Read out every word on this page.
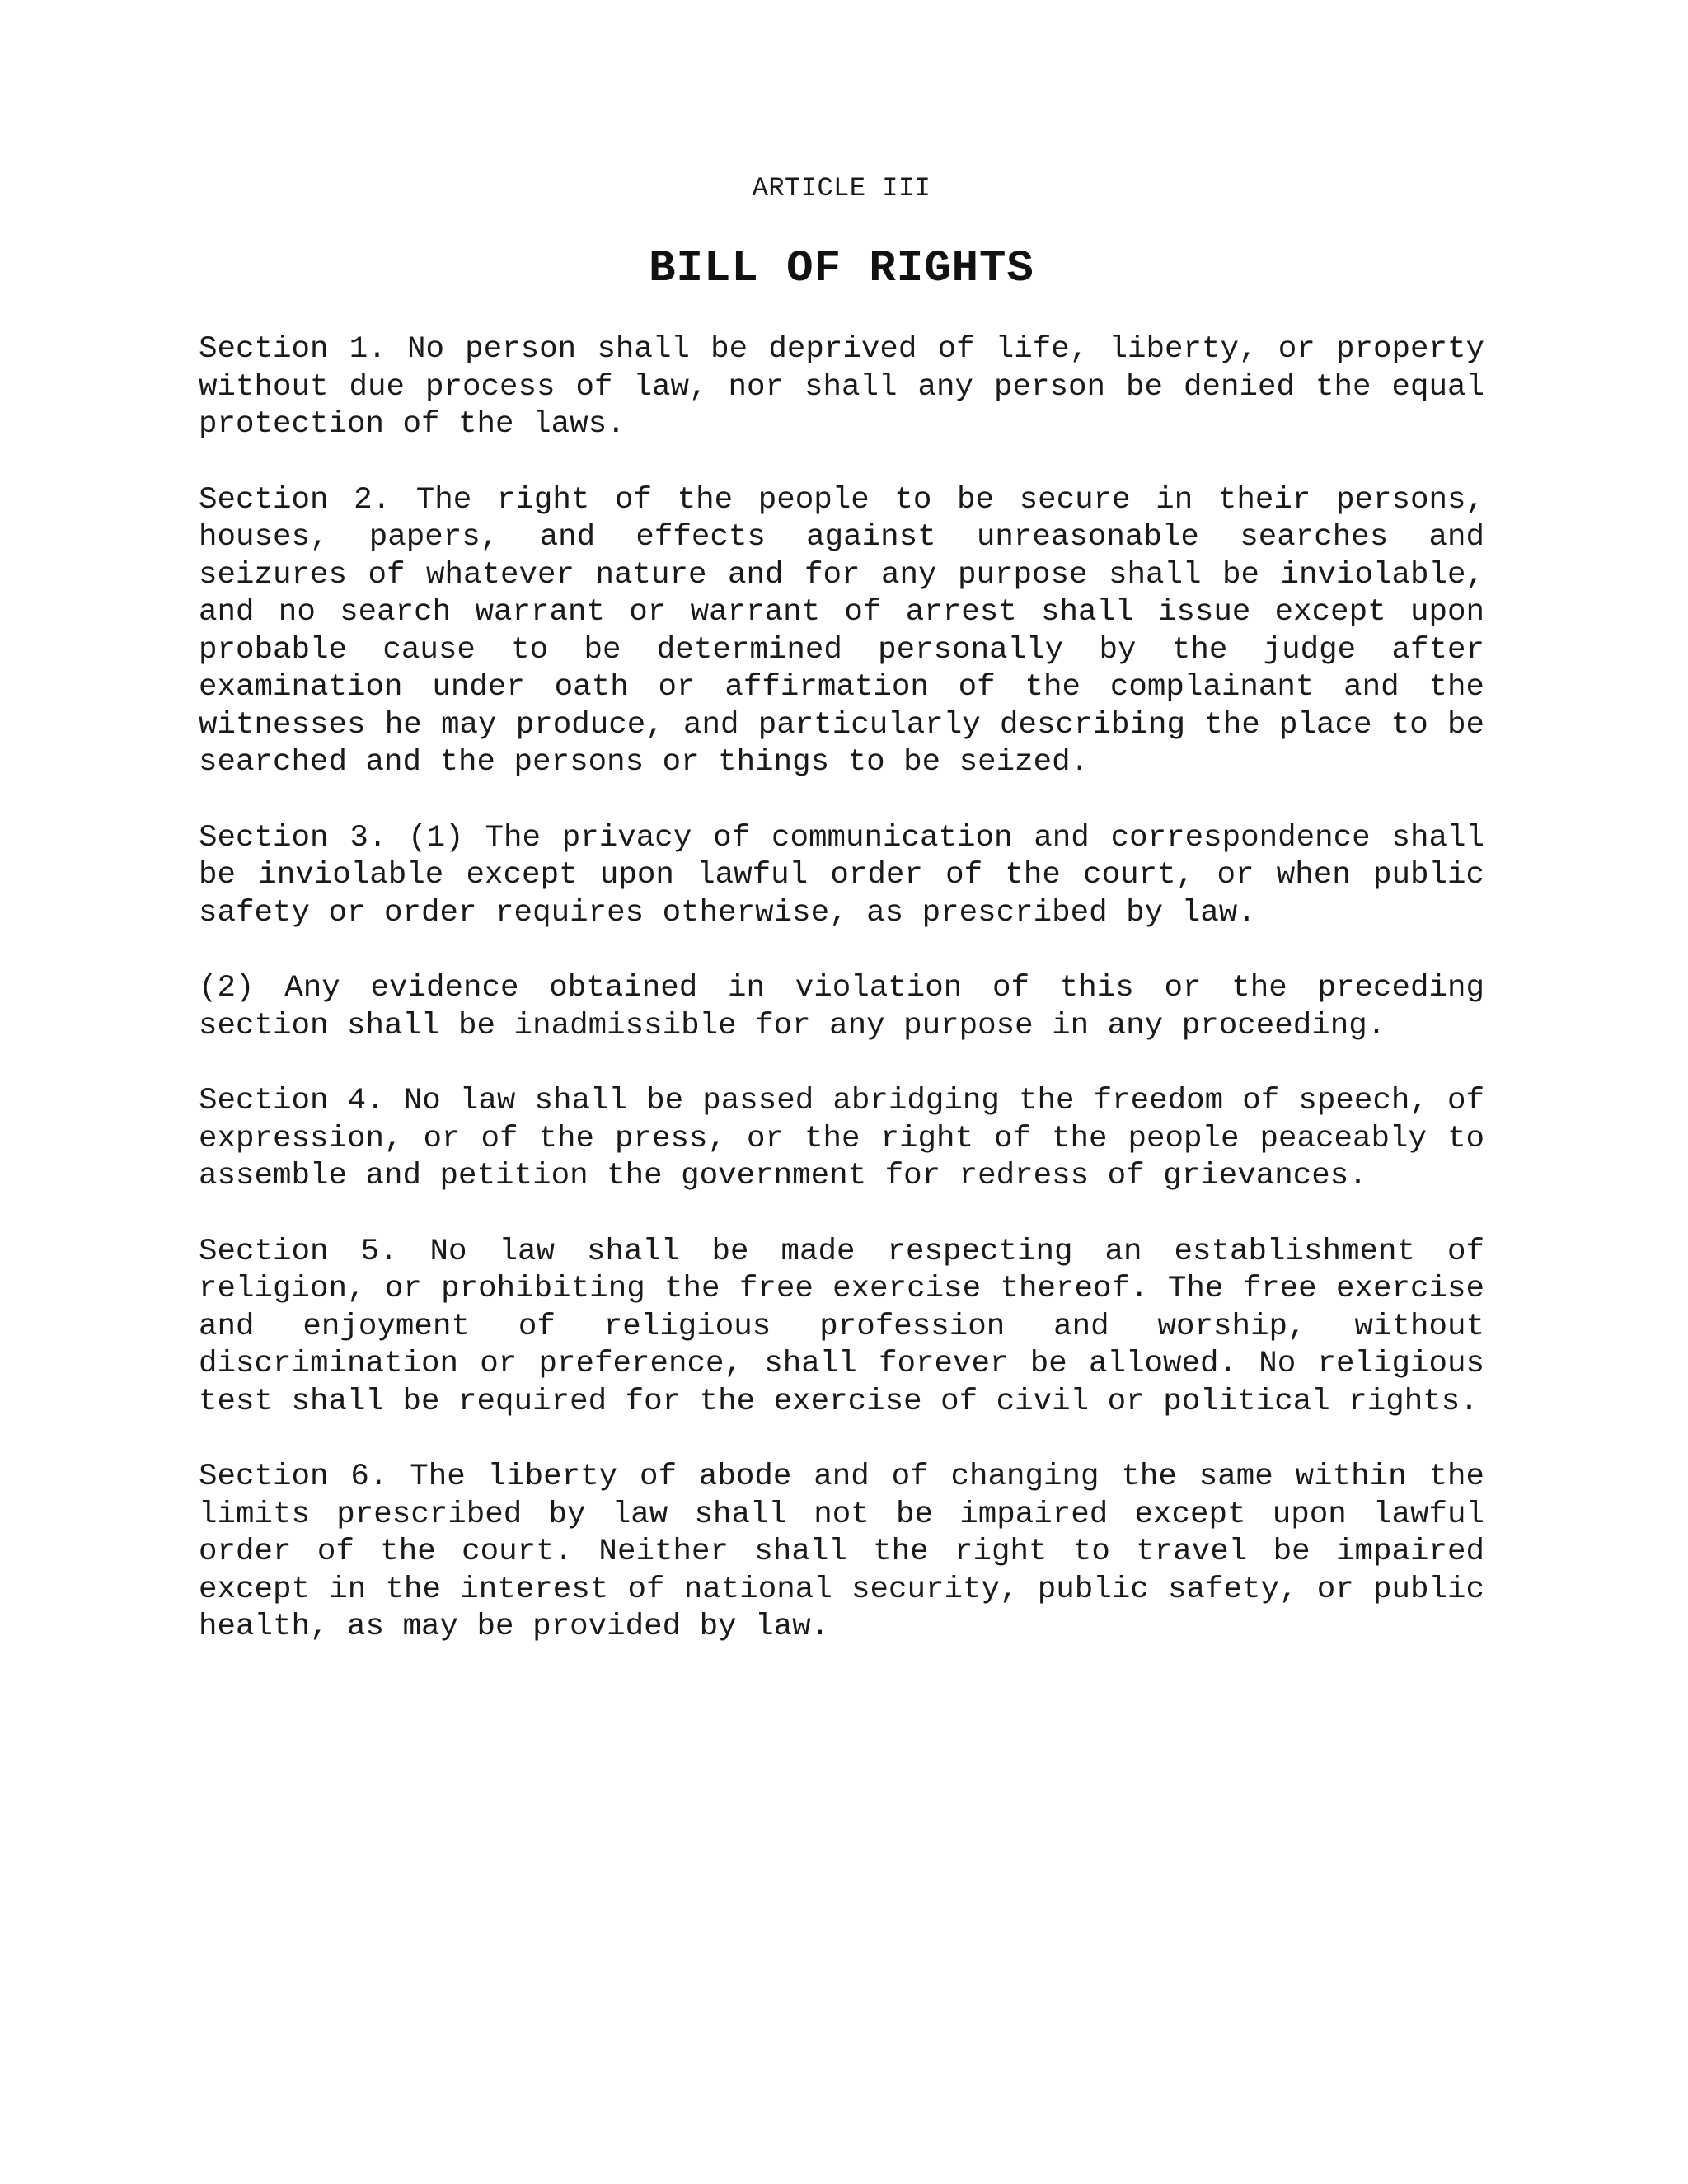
ARTICLE III

BILL OF RIGHTS

Section 1. No person shall be deprived of life, liberty, or property without due process of law, nor shall any person be denied the equal protection of the laws.

Section 2. The right of the people to be secure in their persons, houses, papers, and effects against unreasonable searches and seizures of whatever nature and for any purpose shall be inviolable, and no search warrant or warrant of arrest shall issue except upon probable cause to be determined personally by the judge after examination under oath or affirmation of the complainant and the witnesses he may produce, and particularly describing the place to be searched and the persons or things to be seized.

Section 3. (1) The privacy of communication and correspondence shall be inviolable except upon lawful order of the court, or when public safety or order requires otherwise, as prescribed by law.

(2) Any evidence obtained in violation of this or the preceding section shall be inadmissible for any purpose in any proceeding.

Section 4. No law shall be passed abridging the freedom of speech, of expression, or of the press, or the right of the people peaceably to assemble and petition the government for redress of grievances.

Section 5. No law shall be made respecting an establishment of religion, or prohibiting the free exercise thereof. The free exercise and enjoyment of religious profession and worship, without discrimination or preference, shall forever be allowed. No religious test shall be required for the exercise of civil or political rights.

Section 6. The liberty of abode and of changing the same within the limits prescribed by law shall not be impaired except upon lawful order of the court. Neither shall the right to travel be impaired except in the interest of national security, public safety, or public health, as may be provided by law.
